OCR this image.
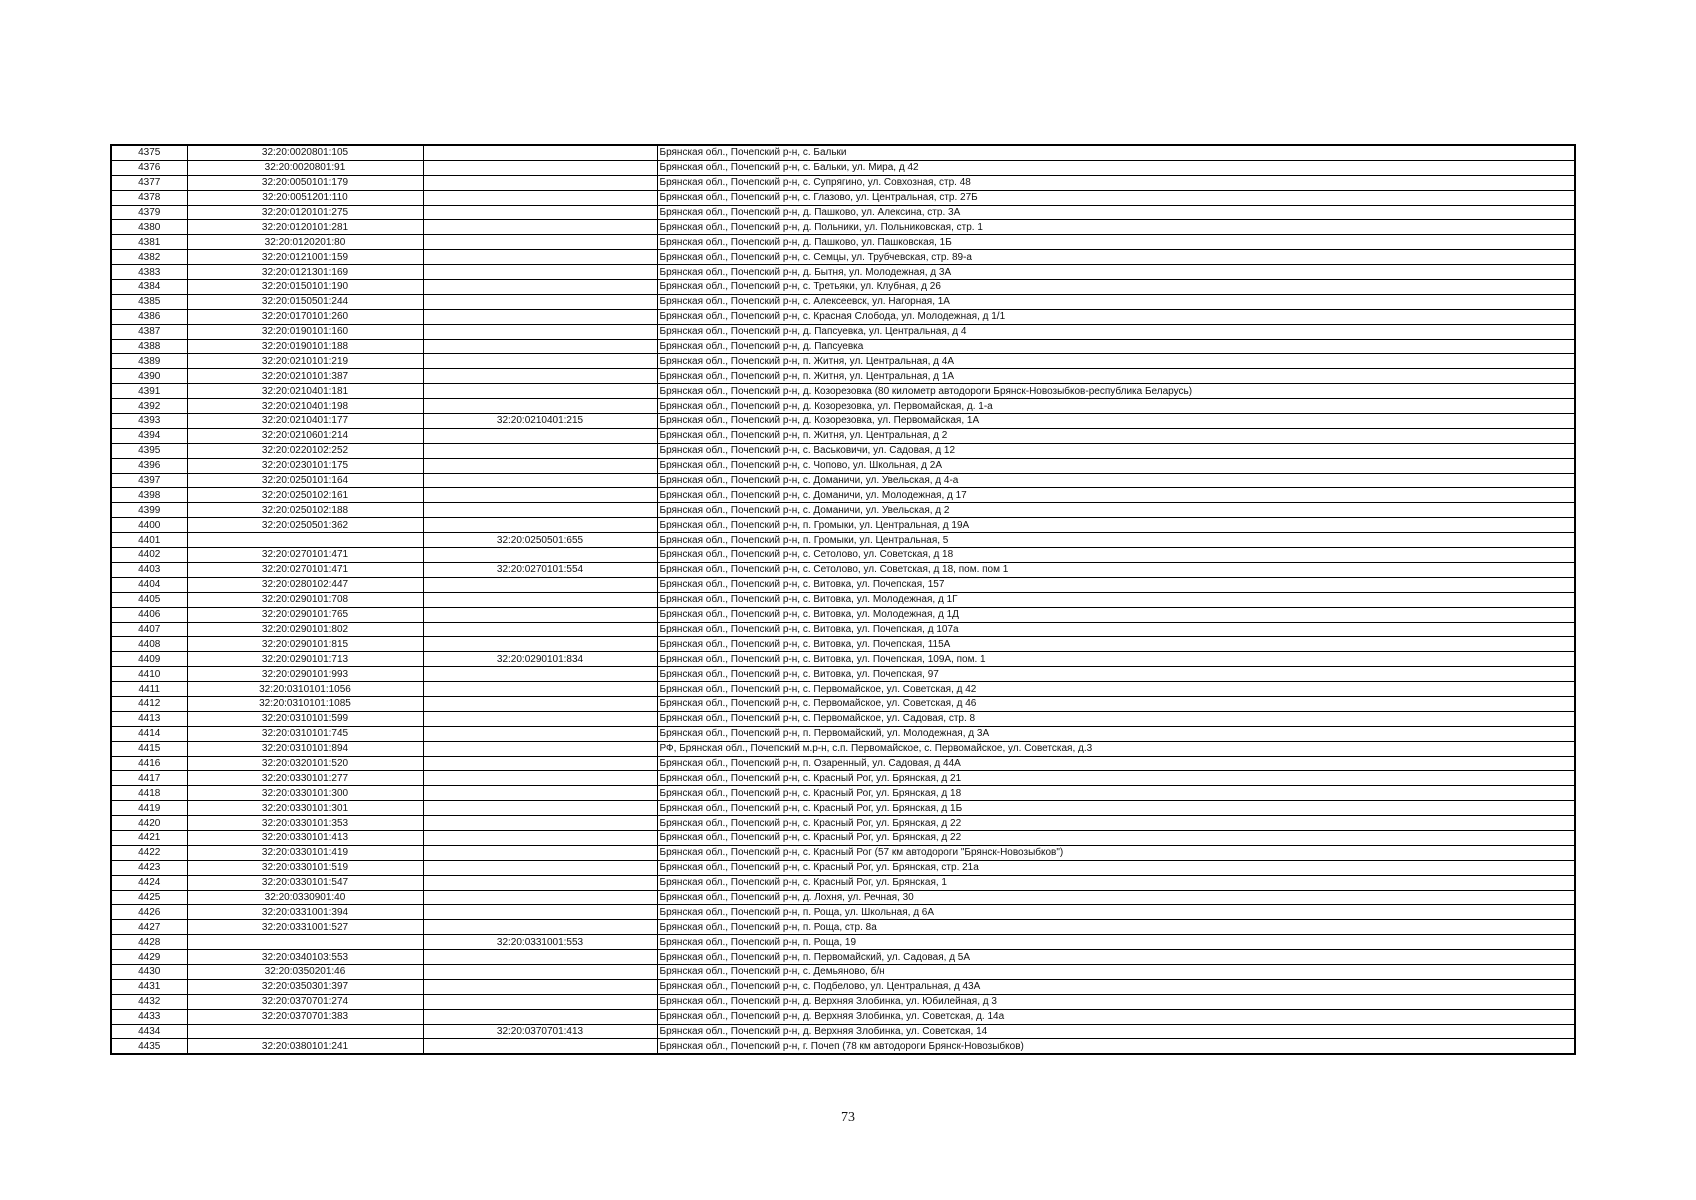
4375	32:20:0020801:105		Брянская обл., Почепский р-н, с. Бальки
4376	32:20:0020801:91		Брянская обл., Почепский р-н, с. Бальки, ул. Мира, д 42
4377	32:20:0050101:179		Брянская обл., Почепский р-н, с. Супрягино, ул. Совхозная, стр. 48
4378	32:20:0051201:110		Брянская обл., Почепский р-н, с. Глазово, ул. Центральная, стр. 27Б
4379	32:20:0120101:275		Брянская обл., Почепский р-н, д. Пашково, ул. Алексина, стр. 3А
4380	32:20:0120101:281		Брянская обл., Почепский р-н, д. Польники, ул. Польниковская, стр. 1
4381	32:20:0120201:80		Брянская обл., Почепский р-н, д. Пашково, ул. Пашковская, 1Б
4382	32:20:0121001:159		Брянская обл., Почепский р-н, с. Семцы, ул. Трубчевская, стр. 89-а
4383	32:20:0121301:169		Брянская обл., Почепский р-н, д. Бытня, ул. Молодежная, д 3А
4384	32:20:0150101:190		Брянская обл., Почепский р-н, с. Третьяки, ул. Клубная, д 26
4385	32:20:0150501:244		Брянская обл., Почепский р-н, с. Алексеевск, ул. Нагорная, 1А
4386	32:20:0170101:260		Брянская обл., Почепский р-н, с. Красная Слобода, ул. Молодежная, д 1/1
4387	32:20:0190101:160		Брянская обл., Почепский р-н, д. Папсуевка, ул. Центральная, д 4
4388	32:20:0190101:188		Брянская обл., Почепский р-н, д. Папсуевка
4389	32:20:0210101:219		Брянская обл., Почепский р-н, п. Житня, ул. Центральная, д 4А
4390	32:20:0210101:387		Брянская обл., Почепский р-н, п. Житня, ул. Центральная, д 1А
4391	32:20:0210401:181		Брянская обл., Почепский р-н, д. Козорезовка (80 километр автодороги Брянск-Новозыбков-республика Беларусь)
4392	32:20:0210401:198		Брянская обл., Почепский р-н, д. Козорезовка, ул. Первомайская, д. 1-а
4393	32:20:0210401:177	32:20:0210401:215	Брянская обл., Почепский р-н, д. Козорезовка, ул. Первомайская, 1А
4394	32:20:0210601:214		Брянская обл., Почепский р-н, п. Житня, ул. Центральная, д 2
4395	32:20:0220102:252		Брянская обл., Почепский р-н, с. Васьковичи, ул. Садовая, д 12
4396	32:20:0230101:175		Брянская обл., Почепский р-н, с. Чопово, ул. Школьная, д 2А
4397	32:20:0250101:164		Брянская обл., Почепский р-н, с. Доманичи, ул. Увельская, д 4-а
4398	32:20:0250102:161		Брянская обл., Почепский р-н, с. Доманичи, ул. Молодежная, д 17
4399	32:20:0250102:188		Брянская обл., Почепский р-н, с. Доманичи, ул. Увельская, д 2
4400	32:20:0250501:362		Брянская обл., Почепский р-н, п. Громыки, ул. Центральная, д 19А
4401		32:20:0250501:655	Брянская обл., Почепский р-н, п. Громыки, ул. Центральная, 5
4402	32:20:0270101:471		Брянская обл., Почепский р-н, с. Сетолово, ул. Советская, д 18
4403	32:20:0270101:471	32:20:0270101:554	Брянская обл., Почепский р-н, с. Сетолово, ул. Советская, д 18, пом. пом 1
4404	32:20:0280102:447		Брянская обл., Почепский р-н, с. Витовка, ул. Почепская, 157
4405	32:20:0290101:708		Брянская обл., Почепский р-н, с. Витовка, ул. Молодежная, д 1Г
4406	32:20:0290101:765		Брянская обл., Почепский р-н, с. Витовка, ул. Молодежная, д 1Д
4407	32:20:0290101:802		Брянская обл., Почепский р-н, с. Витовка, ул. Почепская, д 107а
4408	32:20:0290101:815		Брянская обл., Почепский р-н, с. Витовка, ул. Почепская, 115А
4409	32:20:0290101:713	32:20:0290101:834	Брянская обл., Почепский р-н, с. Витовка, ул. Почепская, 109А, пом. 1
4410	32:20:0290101:993		Брянская обл., Почепский р-н, с. Витовка, ул. Почепская, 97
4411	32:20:0310101:1056		Брянская обл., Почепский р-н, с. Первомайское, ул. Советская, д 42
4412	32:20:0310101:1085		Брянская обл., Почепский р-н, с. Первомайское, ул. Советская, д 46
4413	32:20:0310101:599		Брянская обл., Почепский р-н, с. Первомайское, ул. Садовая, стр. 8
4414	32:20:0310101:745		Брянская обл., Почепский р-н, п. Первомайский, ул. Молодежная, д 3А
4415	32:20:0310101:894		РФ, Брянская обл., Почепский м.р-н, с.п. Первомайское, с. Первомайское, ул. Советская, д.3
4416	32:20:0320101:520		Брянская обл., Почепский р-н, п. Озаренный, ул. Садовая, д 44А
4417	32:20:0330101:277		Брянская обл., Почепский р-н, с. Красный Рог, ул. Брянская, д 21
4418	32:20:0330101:300		Брянская обл., Почепский р-н, с. Красный Рог, ул. Брянская, д 18
4419	32:20:0330101:301		Брянская обл., Почепский р-н, с. Красный Рог, ул. Брянская, д 1Б
4420	32:20:0330101:353		Брянская обл., Почепский р-н, с. Красный Рог, ул. Брянская, д 22
4421	32:20:0330101:413		Брянская обл., Почепский р-н, с. Красный Рог, ул. Брянская, д 22
4422	32:20:0330101:419		Брянская обл., Почепский р-н, с. Красный Рог (57 км автодороги "Брянск-Новозыбков")
4423	32:20:0330101:519		Брянская обл., Почепский р-н, с. Красный Рог, ул. Брянская, стр. 21а
4424	32:20:0330101:547		Брянская обл., Почепский р-н, с. Красный Рог, ул. Брянская, 1
4425	32:20:0330901:40		Брянская обл., Почепский р-н, д. Лохня, ул. Речная, 30
4426	32:20:0331001:394		Брянская обл., Почепский р-н, п. Роща, ул. Школьная, д 6А
4427	32:20:0331001:527		Брянская обл., Почепский р-н, п. Роща, стр. 8а
4428		32:20:0331001:553	Брянская обл., Почепский р-н, п. Роща, 19
4429	32:20:0340103:553		Брянская обл., Почепский р-н, п. Первомайский, ул. Садовая, д 5А
4430	32:20:0350201:46		Брянская обл., Почепский р-н, с. Демьяново, б/н
4431	32:20:0350301:397		Брянская обл., Почепский р-н, с. Подбелово, ул. Центральная, д 43А
4432	32:20:0370701:274		Брянская обл., Почепский р-н, д. Верхняя Злобинка, ул. Юбилейная, д 3
4433	32:20:0370701:383		Брянская обл., Почепский р-н, д. Верхняя Злобинка, ул. Советская, д. 14а
4434		32:20:0370701:413	Брянская обл., Почепский р-н, д. Верхняя Злобинка, ул. Советская, 14
4435	32:20:0380101:241		Брянская обл., Почепский р-н, г. Почеп (78 км автодороги Брянск-Новозыбков)
73
